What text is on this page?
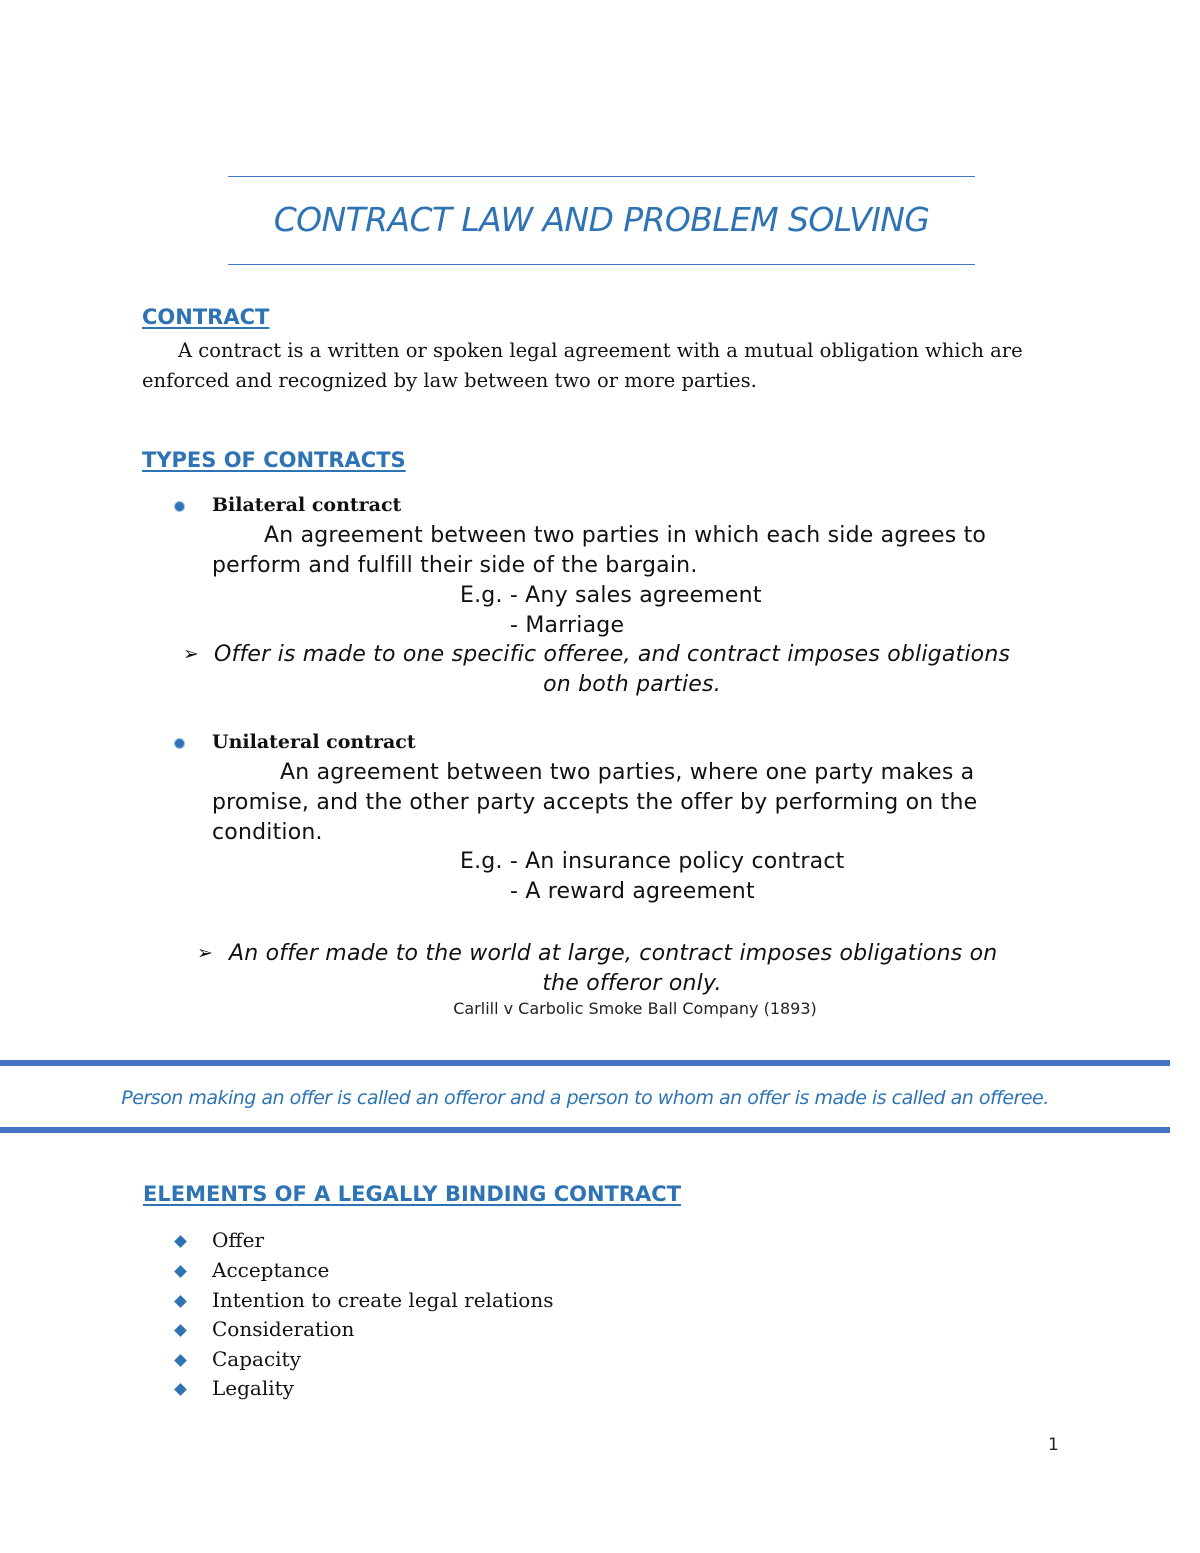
CONTRACT LAW AND PROBLEM SOLVING
CONTRACT
A contract is a written or spoken legal agreement with a mutual obligation which are
enforced and recognized by law between two or more parties.
TYPES OF CONTRACTS
Bilateral contract
An agreement between two parties in which each side agrees to
perform and fulfill their side of the bargain.
E.g. - Any sales agreement
- Marriage
➢ Offer is made to one specific offeree, and contract imposes obligations
on both parties.
Unilateral contract
An agreement between two parties, where one party makes a
promise, and the other party accepts the offer by performing on the
condition.
E.g. - An insurance policy contract
- A reward agreement
➢ An offer made to the world at large, contract imposes obligations on
the offeror only.
Carlill v Carbolic Smoke Ball Company (1893)
Person making an offer is called an offeror and a person to whom an offer is made is called an offeree.
ELEMENTS OF A LEGALLY BINDING CONTRACT
Offer
Acceptance
Intention to create legal relations
Consideration
Capacity
Legality
1
